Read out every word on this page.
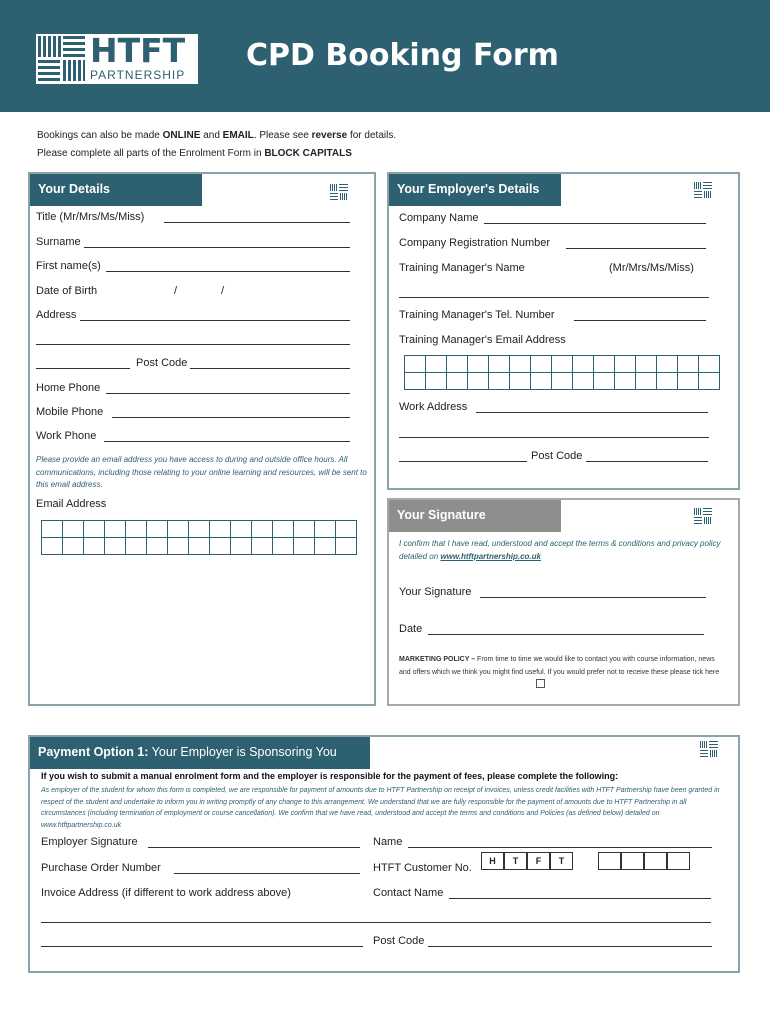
HTFT
PARTNERSHIP
CPD Booking Form
Bookings can also be made ONLINE and EMAIL. Please see reverse for details.
Please complete all parts of the Enrolment Form in BLOCK CAPITALS
Your Details
Title (Mr/Mrs/Ms/Miss)
Surname
First name(s)
Date of Birth	/	/
Address
Post Code
Home Phone
Mobile Phone
Work Phone
Please provide an email address you have access to during and outside office hours. All communications, including those relating to your online learning and resources, will be sent to this email address.
Email Address

Your Employer's Details
Company Name
Company Registration Number
Training Manager's Name	(Mr/Mrs/Ms/Miss)
Training Manager's Tel. Number
Training Manager's Email Address

Work Address
Post Code
Your Signature
I confirm that I have read, understood and accept the terms & conditions and privacy policy detailed on www.htftpartnership.co.uk
Your Signature
Date
MARKETING POLICY – From time to time we would like to contact you with course information, news and offers which we think you might find useful. If you would prefer not to receive these please tick here
Payment Option 1: Your Employer is Sponsoring You
If you wish to submit a manual enrolment form and the employer is responsible for the payment of fees, please complete the following:
As employer of the student for whom this form is completed, we are responsible for payment of amounts due to HTFT Partnership on receipt of invoices, unless credit facilities with HTFT Partnership have been granted in respect of the student and undertake to inform you in writing promptly of any change to this arrangement. We understand that we are fully responsible for the payment of amounts due to HTFT Partnership in all circumstances (including termination of employment or course cancellation). We confirm that we have read, understood and accept the terms and conditions and Policies (as defined below) detailed on www.htftpartnership.co.uk
Employer Signature	Name
Purchase Order Number	HTFT Customer No.
H	T	F	T
Invoice Address (if different to work address above)	Contact Name
Post Code
